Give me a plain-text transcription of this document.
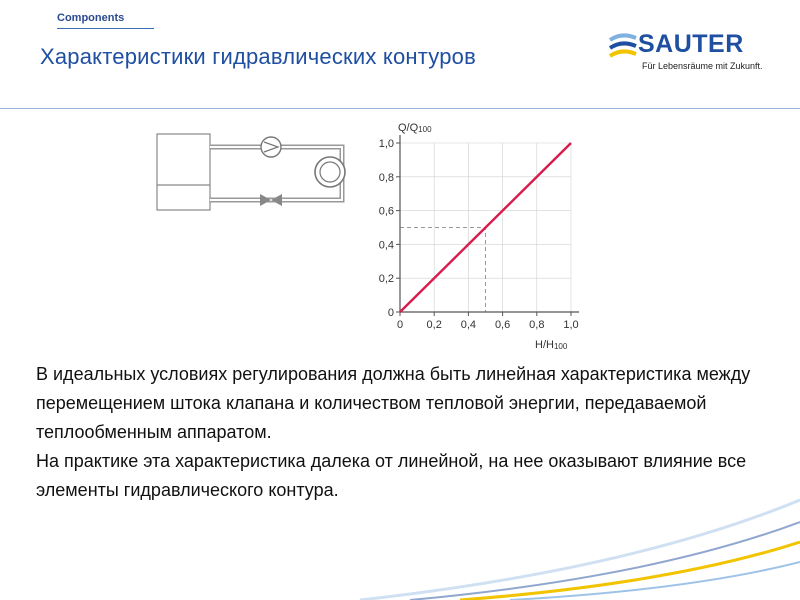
Components
Характеристики гидравлических контуров	SAUTER
Für Lebensräume mit Zukunft.
0 0,2 0,4 0,6 0,8 1,0
0
0,2
0,4
0,6
0,8
1,0
Q/Q100
H/H100

В идеальных условиях регулирования должна быть линейная характеристика между перемещением штока клапана и количеством тепловой энергии, передаваемой теплообменным аппаратом.

На практике эта характеристика далека от линейной, на нее оказывают влияние все элементы гидравлического контура.
